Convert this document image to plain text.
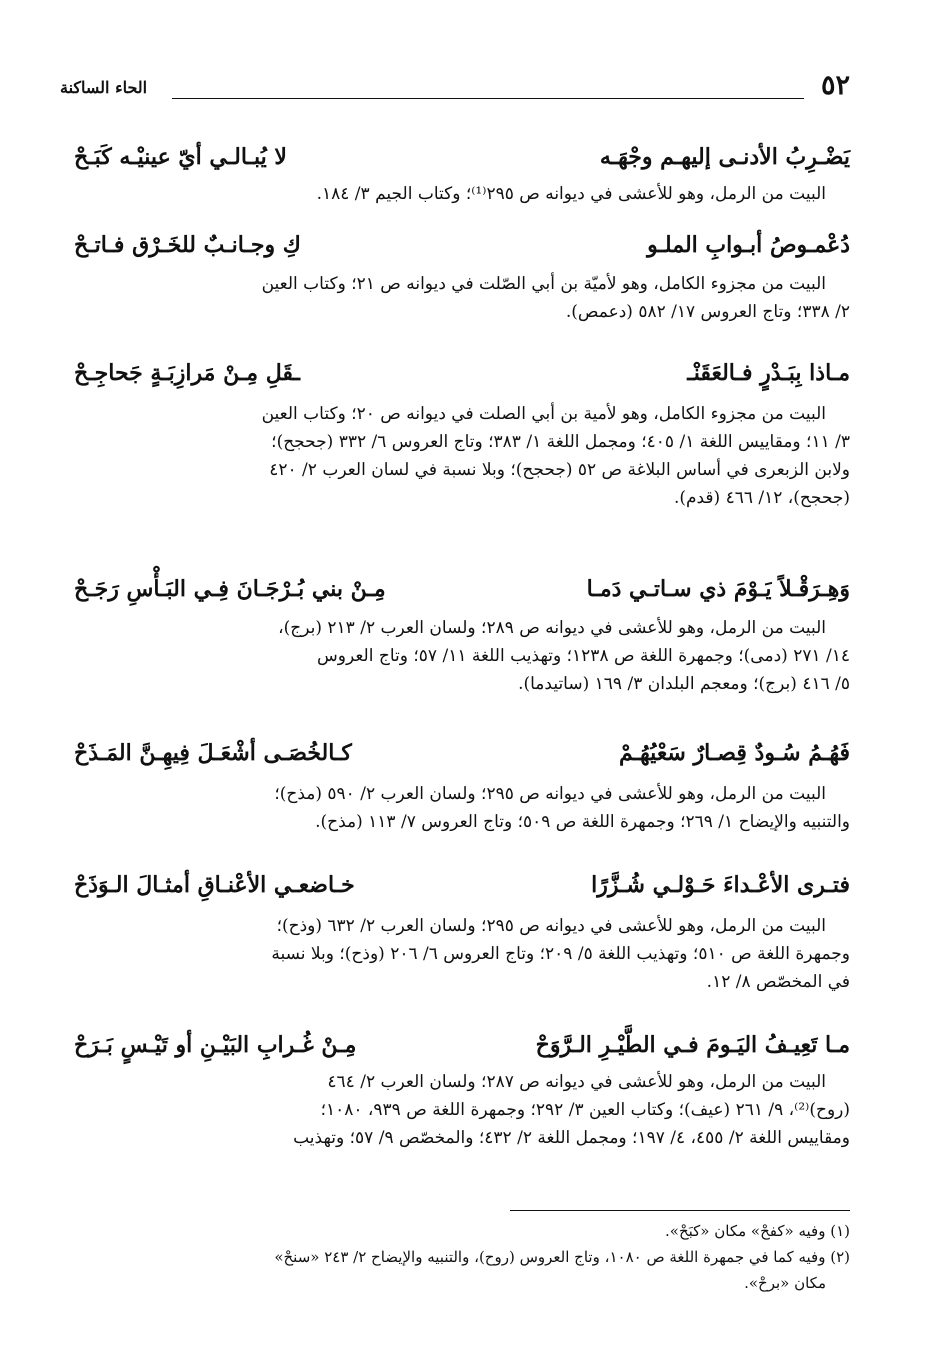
٥٢
الحاء الساكنة
يَضْـرِبُ الأدنـى إليهـم وجْهَـه
لا يُبـالـي أيّ عينيْـه كَبَـحْ
البيت من الرمل، وهو للأعشى في ديوانه ص ٢٩٥⁽¹⁾؛ وكتاب الجيم ٣/ ١٨٤.
دُعْمـوصُ أبـوابِ الملـو
كِ وجـانـبٌ للخَـرْق فـاتـحْ
البيت من مجزوء الكامل، وهو لأميّة بن أبي الصّلت في ديوانه ص ٢١؛ وكتاب العين
٢/ ٣٣٨؛ وتاج العروس ١٧/ ٥٨٢ (دعمص).
مـاذا بِبَـدْرٍ فـالعَقَنْـ
ـقَلِ مِـنْ مَرازِبَـةٍ جَحاجِـحْ
البيت من مجزوء الكامل، وهو لأمية بن أبي الصلت في ديوانه ص ٢٠؛ وكتاب العين
٣/ ١١؛ ومقاييس اللغة ١/ ٤٠٥؛ ومجمل اللغة ١/ ٣٨٣؛ وتاج العروس ٦/ ٣٣٢ (جحجح)؛
ولابن الزبعرى في أساس البلاغة ص ٥٢ (جحجح)؛ وبلا نسبة في لسان العرب ٢/ ٤٢٠
(جحجح)، ١٢/ ٤٦٦ (قدم).
وَهِـرَقْـلاً يَـوْمَ ذي سـاتـي دَمـا
مِـنْ بني بُـرْجَـانَ فِـي البَـأْسِ رَجَـحْ
البيت من الرمل، وهو للأعشى في ديوانه ص ٢٨٩؛ ولسان العرب ٢/ ٢١٣ (برج)،
١٤/ ٢٧١ (دمى)؛ وجمهرة اللغة ص ١٢٣٨؛ وتهذيب اللغة ١١/ ٥٧؛ وتاج العروس
٥/ ٤١٦ (برج)؛ ومعجم البلدان ٣/ ١٦٩ (ساتيدما).
فَهُـمُ سُـودٌ قِصـارٌ سَعْيُهُـمْ
كـالخُصَـى أشْعَـلَ فِيهِـنَّ المَـذَحْ
البيت من الرمل، وهو للأعشى في ديوانه ص ٢٩٥؛ ولسان العرب ٢/ ٥٩٠ (مذح)؛
والتنبيه والإيضاح ١/ ٢٦٩؛ وجمهرة اللغة ص ٥٠٩؛ وتاج العروس ٧/ ١١٣ (مذح).
فتـرى الأعْـداءَ حَـوْلـي شُـزَّرًا
خـاضعـي الأعْنـاقِ أمثـالَ الـوَذَحْ
البيت من الرمل، وهو للأعشى في ديوانه ص ٢٩٥؛ ولسان العرب ٢/ ٦٣٢ (وذح)؛
وجمهرة اللغة ص ٥١٠؛ وتهذيب اللغة ٥/ ٢٠٩؛ وتاج العروس ٦/ ٢٠٦ (وذح)؛ وبلا نسبة
في المخصّص ٨/ ١٢.
مـا تَعِيـفُ اليَـومَ فـي الطَّيْـرِ الـرَّوَحْ
مِـنْ غُـرابِ البَيْـنِ أو تَيْـسٍ بَـرَحْ
البيت من الرمل، وهو للأعشى في ديوانه ص ٢٨٧؛ ولسان العرب ٢/ ٤٦٤
(روح)⁽²⁾، ٩/ ٢٦١ (عيف)؛ وكتاب العين ٣/ ٢٩٢؛ وجمهرة اللغة ص ٩٣٩، ١٠٨٠؛
ومقاييس اللغة ٢/ ٤٥٥، ٤/ ١٩٧؛ ومجمل اللغة ٢/ ٤٣٢؛ والمخصّص ٩/ ٥٧؛ وتهذيب
(١) وفيه «كفحْ» مكان «كبَحْ».
(٢) وفيه كما في جمهرة اللغة ص ١٠٨٠، وتاج العروس (روح)، والتنبيه والإيضاح ٢/ ٢٤٣ «سنحْ»
مكان «برحْ».
